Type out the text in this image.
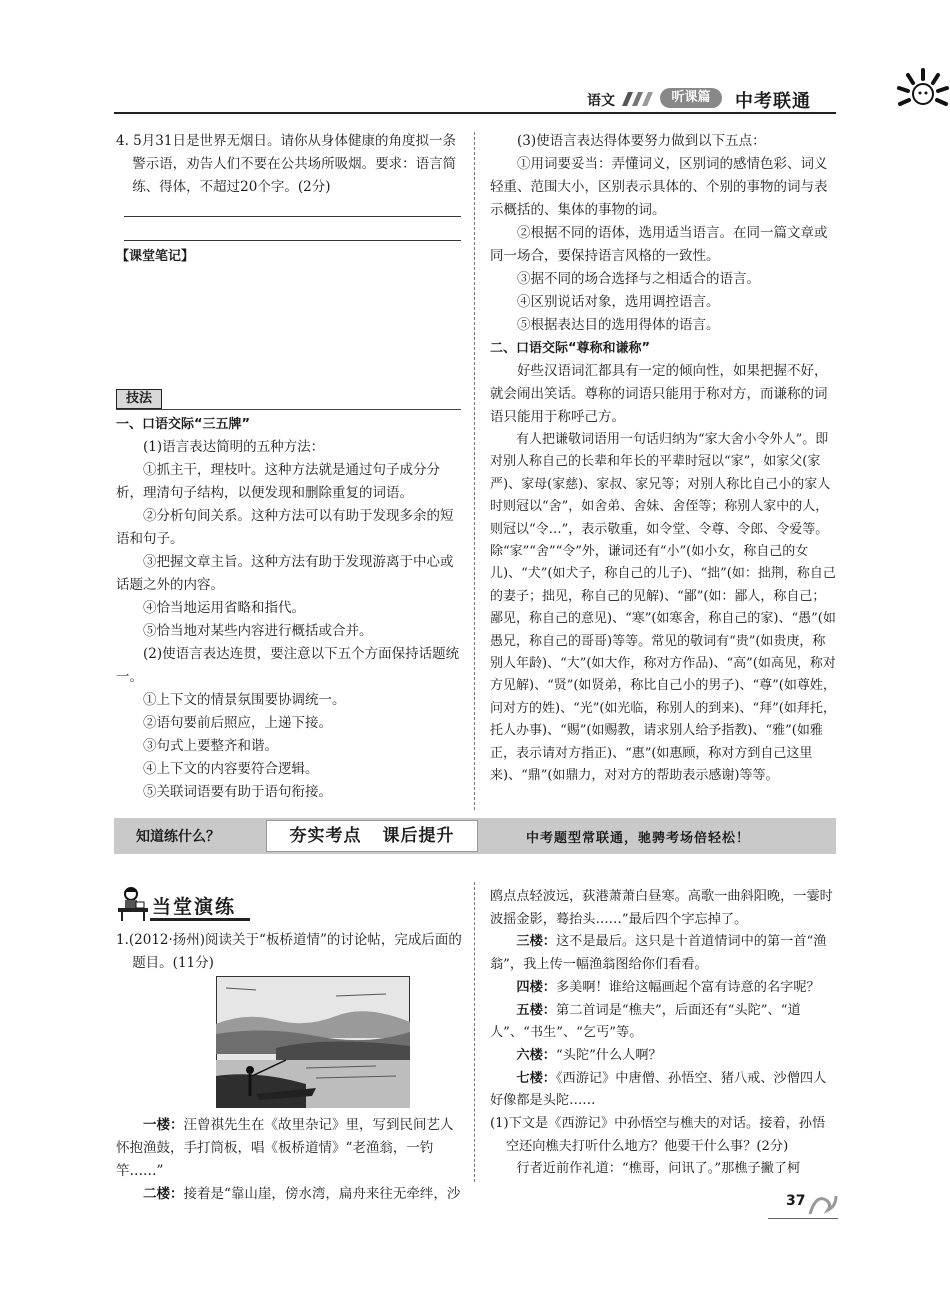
语文	听课篇	中考联通

4. 5月31日是世界无烟日。请你从身体健康的角度拟一条警示语，劝告人们不要在公共场所吸烟。要求：语言简练、得体，不超过20个字。(2分)

【课堂笔记】

技法

一、口语交际“三五牌”

(1)语言表达简明的五种方法：

①抓主干，理枝叶。这种方法就是通过句子成分分析，理清句子结构，以便发现和删除重复的词语。

②分析句间关系。这种方法可以有助于发现多余的短语和句子。

③把握文章主旨。这种方法有助于发现游离于中心或话题之外的内容。

④恰当地运用省略和指代。

⑤恰当地对某些内容进行概括或合并。

(2)使语言表达连贯，要注意以下五个方面保持话题统一。

①上下文的情景氛围要协调统一。

②语句要前后照应，上递下接。

③句式上要整齐和谐。

④上下文的内容要符合逻辑。

⑤关联词语要有助于语句衔接。

(3)使语言表达得体要努力做到以下五点：

①用词要妥当：弄懂词义，区别词的感情色彩、词义轻重、范围大小，区别表示具体的、个别的事物的词与表示概括的、集体的事物的词。

②根据不同的语体，选用适当语言。在同一篇文章或同一场合，要保持语言风格的一致性。

③据不同的场合选择与之相适合的语言。

④区别说话对象，选用调控语言。

⑤根据表达目的选用得体的语言。

二、口语交际“尊称和谦称”

好些汉语词汇都具有一定的倾向性，如果把握不好，就会闹出笑话。尊称的词语只能用于称对方，而谦称的词语只能用于称呼己方。

有人把谦敬词语用一句话归纳为“家大舍小令外人”。即对别人称自己的长辈和年长的平辈时冠以“家”，如家父(家严)、家母(家慈)、家叔、家兄等；对别人称比自己小的家人时则冠以“舍”，如舍弟、舍妹、舍侄等；称别人家中的人，则冠以“令…”，表示敬重，如令堂、令尊、令郎、令爱等。除“家”“舍”“令”外，谦词还有“小”(如小女，称自己的女儿)、“犬”(如犬子，称自己的儿子)、“拙”(如：拙荆，称自己的妻子；拙见，称自己的见解)、“鄙”(如：鄙人，称自己；鄙见，称自己的意见)、“寒”(如寒舍，称自己的家)、“愚”(如愚兄，称自己的哥哥)等等。常见的敬词有“贵”(如贵庚，称别人年龄)、“大”(如大作，称对方作品)、“高”(如高见，称对方见解)、“贤”(如贤弟，称比自己小的男子)、“尊”(如尊姓，问对方的姓)、“光”(如光临，称别人的到来)、“拜”(如拜托，托人办事)、“赐”(如赐教，请求别人给予指教)、“雅”(如雅正，表示请对方指正)、“惠”(如惠顾，称对方到自己这里来)、“鼎”(如鼎力，对对方的帮助表示感谢)等等。

知道练什么？	夯实考点 课后提升	中考题型常联通，驰骋考场倍轻松！
当堂演练

1.(2012·扬州)阅读关于“板桥道情”的讨论帖，完成后面的题目。(11分)

一楼：汪曾祺先生在《故里杂记》里，写到民间艺人怀抱渔鼓，手打筒板，唱《板桥道情》“老渔翁，一钓竿……”

二楼：接着是“靠山崖，傍水湾，扁舟来往无牵绊，沙

鸥点点轻波远，荻港萧萧白昼寒。高歌一曲斜阳晚，一霎时波摇金影，蓦抬头……”最后四个字忘掉了。

三楼：这不是最后。这只是十首道情词中的第一首“渔翁”，我上传一幅渔翁图给你们看看。

四楼：多美啊！谁给这幅画起个富有诗意的名字呢？

五楼：第二首词是“樵夫”，后面还有“头陀”、“道人”、“书生”、“乞丐”等。

六楼：“头陀”什么人啊？

七楼：《西游记》中唐僧、孙悟空、猪八戒、沙僧四人好像都是头陀……

(1)下文是《西游记》中孙悟空与樵夫的对话。接着，孙悟空还向樵夫打听什么地方？他要干什么事？(2分)

行者近前作礼道：“樵哥，问讯了。”那樵子撇了柯

37
